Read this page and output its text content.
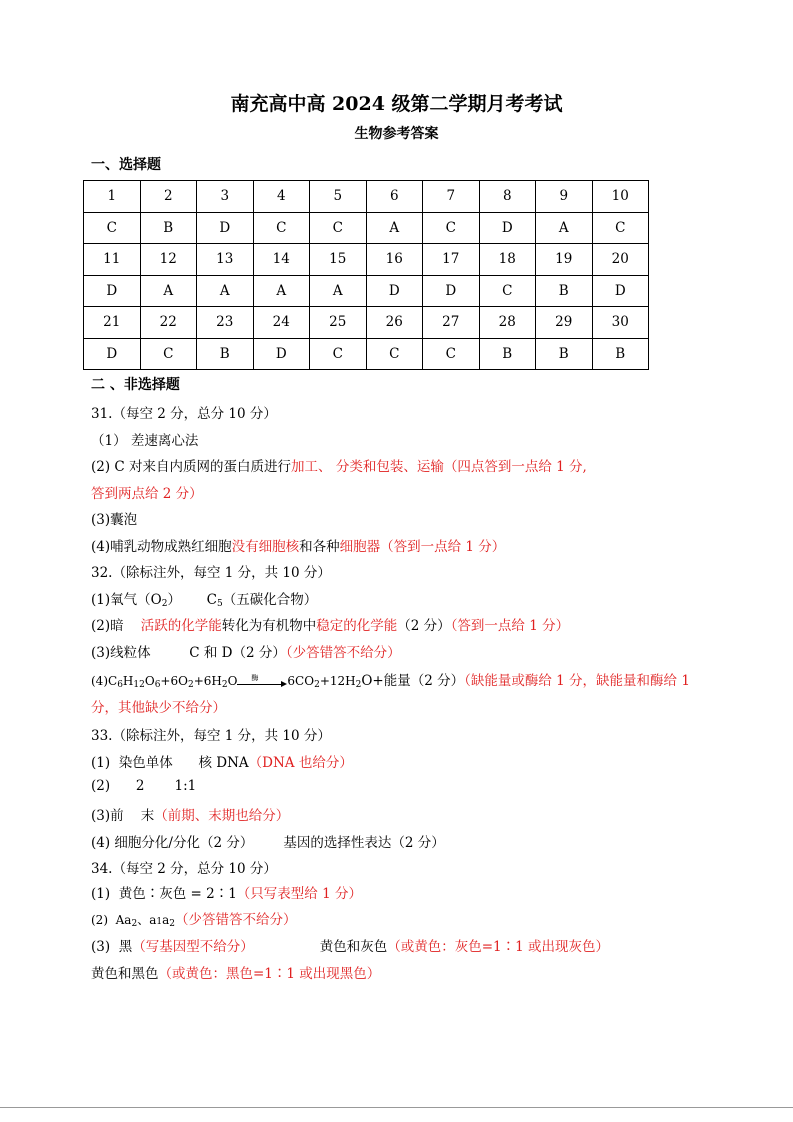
南充高中高 2024 级第二学期月考考试
生物参考答案
一、选择题
1	2	3	4	5	6	7	8	9	10
C	B	D	C	C	A	C	D	A	C
11	12	13	14	15	16	17	18	19	20
D	A	A	A	A	D	D	C	B	D
21	22	23	24	25	26	27	28	29	30
D	C	B	D	C	C	C	B	B	B
二 、非选择题
31.（每空 2 分，总分 10 分）
（1） 差速离心法
(2) C 对来自内质网的蛋白质进行加工、 分类和包装、运输（四点答到一点给 1 分,
答到两点给 2 分）
(3)囊泡
(4)哺乳动物成熟红细胞没有细胞核和各种细胞器（答到一点给 1 分）
32.（除标注外，每空 1 分，共 10 分）
(1)氧气$(O_2)$      $C_5$（五碳化合物）
(2)暗    活跃的化学能转化为有机物中稳定的化学能（2 分）（答到一点给 1 分）
(3)线粒体         C 和 D（2 分）（少答错答不给分）
$(4)C_6H_{12}O_6+6O_2+6H_2O$ 酶 $6CO_2+12H_2O+$能量（2 分）（缺能量或酶给 1 分，缺能量和酶给 1
分，其他缺少不给分）
33.（除标注外，每空 1 分，共 10 分）
(1)  染色单体      核 DNA（DNA 也给分）
(2)      2       1:1
(3)前    末（前期、末期也给分）
(4) 细胞分化/分化（2 分）       基因的选择性表达（2 分）
34.（每空 2 分，总分 10 分）
(1)  黄色∶灰色 = 2∶1（只写表型给 1 分）
(2)  $Aa_2$、$a1a_2$（少答错答不给分）
(3)  黑（写基因型不给分）	黄色和灰色（或黄色：灰色=1∶1 或出现灰色）
黄色和黑色（或黄色：黑色=1∶1 或出现黑色）
